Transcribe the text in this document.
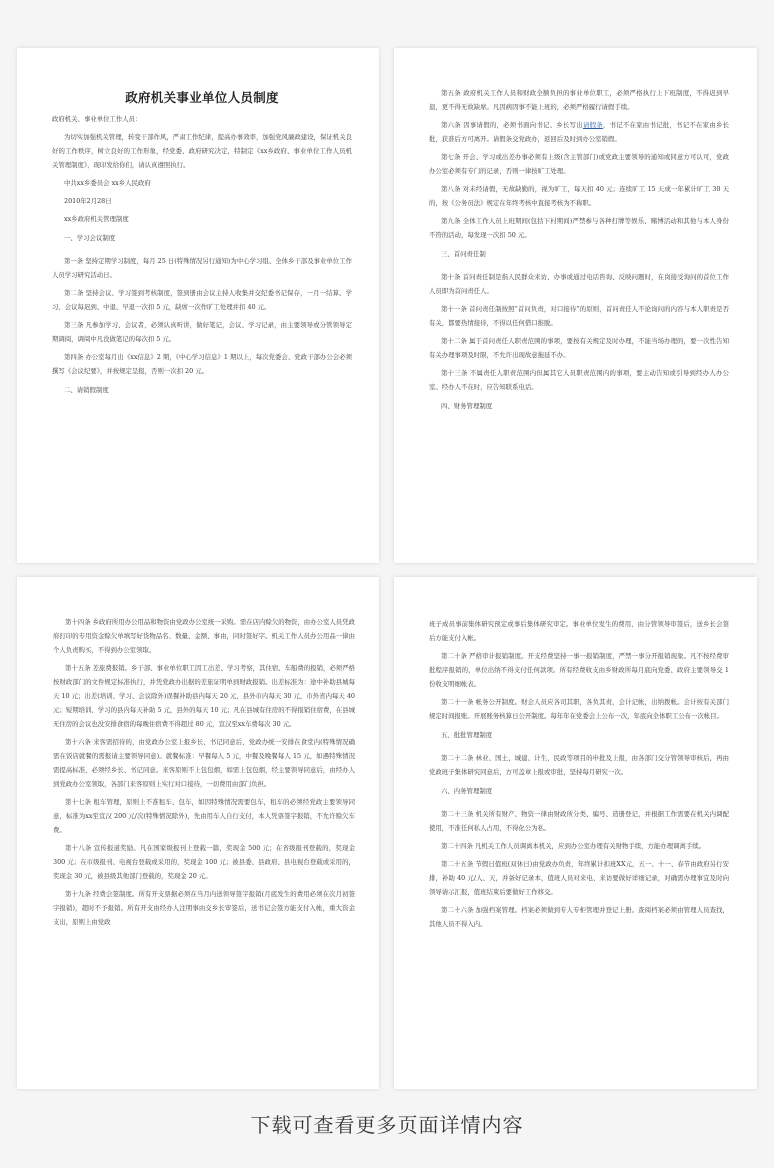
政府机关事业单位人员制度

政府机关、事业单位工作人员：

为切实加强机关管理，转变干部作风，严肃工作纪律，提高办事效率，加强党风廉政建设，保证机关良好的工作秩序，树立良好的工作形象，经党委、政府研究决定，特制定《xx乡政府、事业单位工作人员机关管理制度》，现印发给你们，请认真遵照执行。

中共xx乡委员会 xx乡人民政府

2010年2月28日

xx乡政府机关管理制度

一、学习会议制度

第一条 坚持定期学习制度，每月 25 日(特殊情况另行通知)为中心学习组、全体乡干部及事业单位工作人员学习研究活动日。

第二条 坚持会议、学习签到考核制度，签到册由会议主持人收集并交纪委书记保存，一月一结算。学习、会议每迟到、中退、早退一次扣 5 元，缺席一次作旷工处理并扣 40 元。

第三条 凡参加学习、会议者，必须认真听讲，做好笔记，会议、学习记录，由主要领导或分管领导定期调阅，调阅中凡没做笔记的每次扣 5 元。

第四条 办公室每月出《xx信息》2 期，《中心学习信息》1 期以上，每次党委会、党政干部办公会必须撰写《会议纪要》，并按规定呈报，否则一次扣 20 元。

二、请销假制度

第五条 政府机关工作人员和财政全额负担的事业单位职工，必须严格执行上下班制度，不得迟到早退，更不得无故缺席。凡因病因事不能上班的，必须严格履行请假手续。

第六条 因事请假的，必须书面向书记、乡长写出请假条，书记不在家由书记批，书记不在家由乡长批，获准后方可离开。请假条交党政办，返回后及时到办公室销假。

第七条 开会、学习或出差办事必须有上级(含主管部门)或党政主要领导的通知或同意方可认可，党政办公室必须有专门的记录，否则一律按旷工处理。

第八条 对未经请假，无故缺勤的，视为旷工，每天扣 40 元；连续旷工 15 天或一年累计旷工 30 天的，按《公务员法》规定在年终考核中直接考核为不称职。

第九条 全体工作人员上班期间(包括下村期间)严禁参与各种打牌等娱乐、赌博活动和其他与本人身份不符的活动，每发现一次扣 50 元。

三、首问责任制

第十条 首问责任制是指人民群众来访、办事或通过电话咨询、反映问题时，在岗接受询问的首位工作人员即为首问责任人。

第十一条 首问责任制按照“首问负责，对口接待”的原则，首问责任人不论询问的内容与本人职责是否有关，都要热情接待，不得以任何借口推脱。

第十二条 属于首问责任人职责范围的事项，要按有关规定及时办理，不能当场办理的，要一次性告知有关办理事项及时限，不允许出现故意拖延不办。

第十三条 不属责任人职责范围内但属其它人员职责范围内的事项，要主动告知或引导到经办人办公室。经办人不在时，应告知联系电话。

四、财务管理制度

第十四条 乡政府所用办公用品和物资由党政办公室统一采购。需在店内赊欠的物资，由办公室人员凭政府打印的专用资金赊欠单填写好货物品名、数量、金额、事由，同时签好字。机关工作人员办公用品一律由个人负责购买，不得到办公室领取。

第十五条 差旅费报销。乡干部、事业单位职工因工出差、学习考察，其住宿、车船费的报销，必须严格按财政部门的文件规定标准执行，并凭党政办出据的差旅证明单到财政报销。出差标准为：途中补助县城每天 10 元；出差(培训、学习、会议除外)误餐补助县内每天 20 元，县外市内每天 30 元，市外省内每天 40 元；短期培训、学习的县内每天补助 5 元，县外的每天 10 元；凡在县城有住房的不得报销住宿费，在县城无住房的会议也没安排食宿的每晚住宿费不得超过 80 元，宣汉至xx车费每次 30 元。

第十六条 来客需招待的，由党政办公室上报乡长、书记同意后，党政办统一安排在食堂内(特殊情况确需在饭店就餐的需报请主要领导同意)。就餐标准：早餐每人 5 元，中餐及晚餐每人 15 元，如遇特殊情况需提高标准，必须经乡长、书记同意。来客原则不上包包烟，如需上包包烟，经主要领导同意后，由经办人到党政办公室领取，各部门来客原则上实行对口接待，一切费用由部门负担。

第十七条 租车管理，原则上不准租车、包车，如因特殊情况需要包车，租车的必须经党政主要领导同意，标准为xx至宣汉 200 元/次(特殊情况除外)，先由用车人自行支付，本人凭票签字报销，不允许赊欠车费。

第十八条 宣传报道奖励。凡在国家级报刊上登载一篇，奖现金 500 元；在省级报刊登载的，奖现金 300 元；在市级报刊、电视台登载或采用的，奖现金 100 元；被县委、县政府、县电视台登载或采用的，奖现金 30 元，被县级其他部门登载的，奖现金 20 元。

第十九条 经费会签制度。所有开支票据必须在当月内送领导签字报销(月底发生的费用必须在次月初签字报销)，超时不予报销。所有开支由经办人注明事由交乡长审签后，送书记会签方能支付入帐，重大资金支出，原则上由党政

班子成员事前集体研究预定或事后集体研究审定。事业单位发生的费用，由分管领导审签后，送乡长会签后方能支付入帐。

第二十条 严格审计报销制度。开支经费坚持一事一报销制度，严禁一事分开报销现象。凡不按经费审批程序报销的，单位出纳不得支付任何款项。所有经费收支由乡财政所每月底向党委、政府主要领导交 1 份收支明细帐表。

第二十一条 帐务公开制度。财会人员应各司其职，各负其责，会计记帐，出纳拨帐。会计按有关部门规定时间报账。开展账务核算日公开制度。每年年在党委会上公布一次，年底向全体职工公布一次帐目。

五、批批管理制度

第二十二条 林业、国土、城建、计生、民政等项目的申批及上报，由各部门交分管领导审核后，再由党政班子集体研究同意后，方可盖章上报或审批，坚持每月研究一次。

六、内务管理制度

第二十三条 机关所有财产、物资一律由财政所分类、编号、造册登记，并根据工作需要在机关内调配使用，不准任何私人占用，不得化公为私。

第二十四条 凡机关工作人员调离本机关，应到办公室办理有关财物手续，方能办理调离手续。

第二十五条 节假日值班(双休日)由党政办负责，年终累计扣班XX元，五一、十一、春节由政府另行安排，补助 40 元/人、天，并备好记录本，值班人员对来电、来访要做好详细记录，对确需办理事宜及时向领导请示汇报，值班结束后要做好工作移交。

第二十六条 加强档案管理。档案必须做到专人专柜管理并登记上册。查阅档案必须由管理人员查找，其他人员不得入内。

下载可查看更多页面详情内容
